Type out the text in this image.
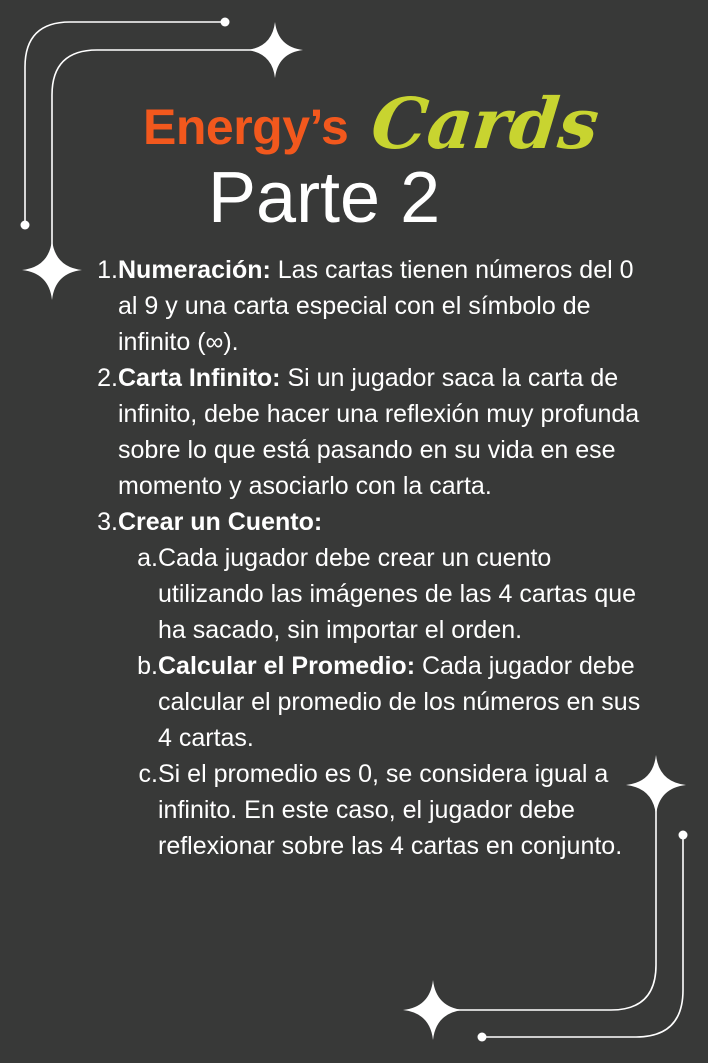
Energy’s Cards
Parte 2
1. Numeración: Las cartas tienen números del 0 al 9 y una carta especial con el símbolo de infinito (∞).
2. Carta Infinito: Si un jugador saca la carta de infinito, debe hacer una reflexión muy profunda sobre lo que está pasando en su vida en ese momento y asociarlo con la carta.
3. Crear un Cuento:
a. Cada jugador debe crear un cuento utilizando las imágenes de las 4 cartas que ha sacado, sin importar el orden.
b. Calcular el Promedio: Cada jugador debe calcular el promedio de los números en sus 4 cartas.
c. Si el promedio es 0, se considera igual a infinito. En este caso, el jugador debe reflexionar sobre las 4 cartas en conjunto.
